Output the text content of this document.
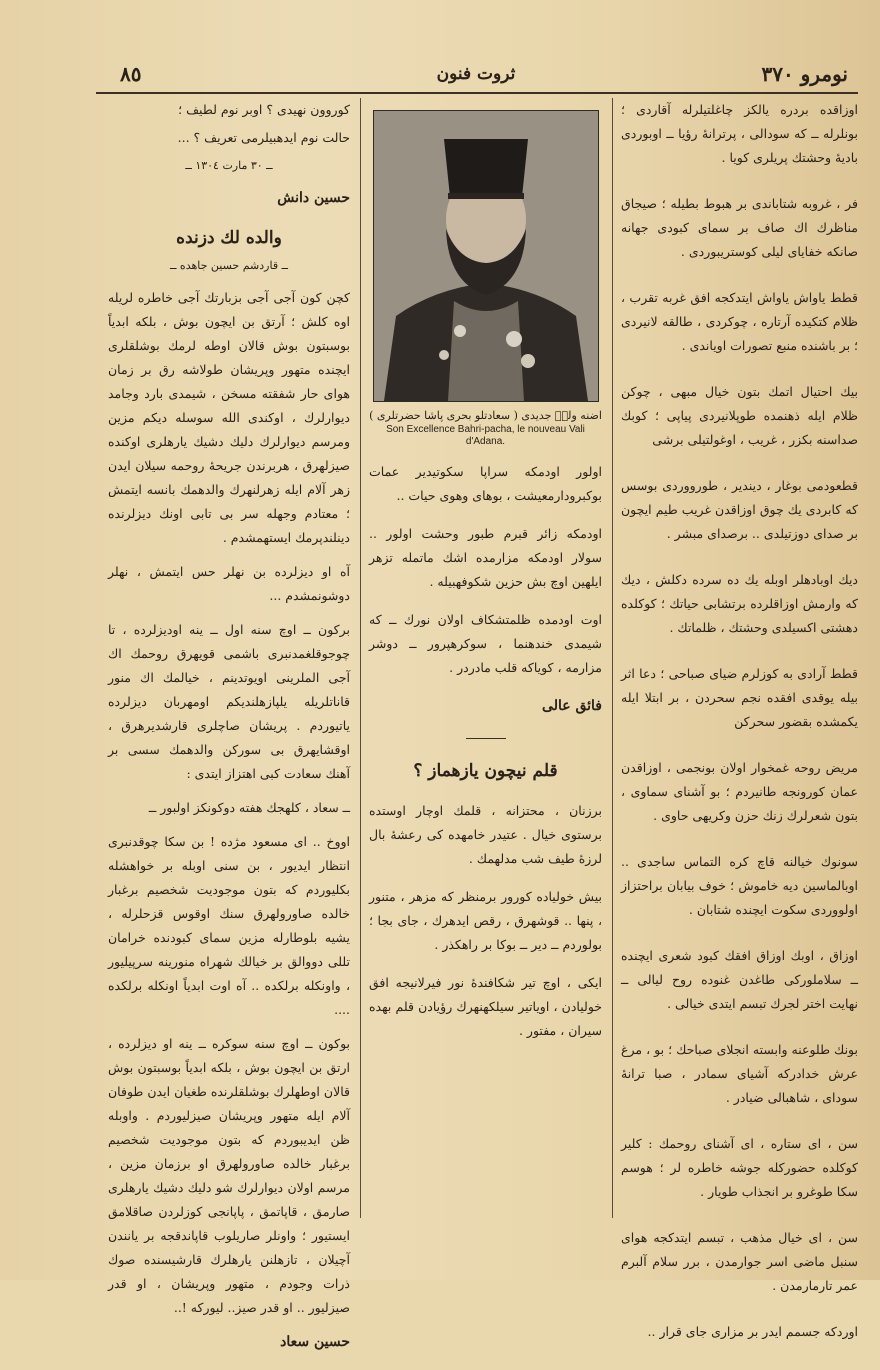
٨٥	ثروت فنون	نومرو ٣٧٠

اوزاقده بردره يالكز چاغلتيلرله آقاردی ؛ بونلرله ــ كه سودالی ، پرترانهٔ رؤيا ــ اوبوردی باديهٔ وحشتك پريلری كويا .

فر ، غروبه شتاباندی بر هبوط بطيله ؛ صيجاق مناظرك اك صاف بر سمای كبودی جهانه صانكه خفايای ليلی كوستريبوردی .

قطط ياواش ياواش ايتدكجه افق غربه تقرب ، ظلام كتكيده آرتاره ، چوكردی ، طالقه لانيردی ؛ بر باشنده منبع تصورات اوياندی .

بيك احتيال اتمك بتون خيال مبهی ، چوكن ظلام ايله ذهنمده طوپلانيردی پياپی ؛ كوبك صداسنه بكزر ، غريب ، اوغولتيلی برشی

قطعودمی بوغار ، ديندير ، طورووردی بوسس كه كابردی يك چوق اوزاقدن غريب طيم ايچون بر صدای دوزتيلدی .. برصدای مبشر .

ديك اوبادهلر اوبله يك ده سرده دكلش ، ديك كه وارمش اوزاقلرده برتشابی حياتك ؛ كوكلده دهشتی اكسيلدی وحشتك ، ظلماتك .

قطط آرادی به كوزلرم ضيای صباحی ؛ دعا اثر بيله يوقدی افقده نجم سحردن ، بر ابتلا ايله يكمشده بقضور سحركن

مريض روحه غمخوار اولان بونجمی ، اوزاقدن عمان كورونجه طانيردم ؛ بو آشنای سماوی ، بتون شعرلرك زنك حزن وكريهی حاوی .

سونوك خيالنه قاچ كره التماس ساجدی .. اوبالماسين ديه خاموش ؛ خوف بيابان براحتزاز اولووردی سكوت ايچنده شتابان .

اوزاق ، اوبك اوزاق افقك كبود شعری ايچنده ــ سلاملوركی طاغدن غنوده روح ليالی ــ نهايت اختر لجرك تبسم ايتدی خيالی .

بونك طلوعنه وابسته انجلای صباحك ؛ بو ، مرغ عرش خدادركه آشيای سمادر ، صبا ترانهٔ سودای ، شاهبالی ضيادر .

سن ، ای ستاره ، ای آشنای روحمك : كلير كوكلده حضوركله جوشه خاطره لر ؛ هوسم سكا طوغرو بر انجذاب طويار .

سن ، ای خيال مذهب ، تبسم ايتدكجه هوای سنبل ماضی اسر جوارمدن ، برر سلام آلبرم عمر تارمارمدن .

اوردكه جسمم ايدر بر مزاری جای قرار ..

اضنه ولی٘ جديدی ( سعادتلو بحری پاشا حضرتلری )
Son Excellence Bahri-pacha, le nouveau Vali d'Adana.

اولور اودمكه سراپا سكوتيدير عمات بوكبرودارمعيشت ، بوهای وهوی حيات ..

اودمكه زائر قبرم طبور وحشت اولور .. سولار اودمكه مزارمده اشك ماتمله تزهر ايلهين اوچ بش حزين شكوفهبيله .

اوت اودمده ظلمتشكاف اولان نورك ــ كه شيمدی خندهنما ، سوكرهپرور ــ دوشر مزارمه ، كوياكه قلب مادردر .

فائق عالی
قلم نيچون يازهماز ؟

برزنان ، محتزانه ، قلمك اوچار اوستده برستوی خيال . عتيدر خامهده كی رعشهٔ بال لرزهٔ طيف شب مدلهمك .

بيش خولياده كورور برمنظر كه مزهر ، متنور ، پنها .. قوشهرق ، رقص ايدهرك ، جای بجا ؛ بولوردم ــ دير ــ بوكا بر راهكذر .

ايكی ، اوچ تير شكافندهٔ نور فيرلانيجه افق خوليادن ، اوياتير سيلكهنهرك رؤيادن قلم بهده سيران ، مفتور .

كوروون نهيدی ؟ اوبر نوم لطيف ؛

حالت نوم ايدهبيلرمی تعريف ؟ ...

ــ ٣٠ مارت ١٣٠٤ ــ
حسين دانش
والده لك دزنده
ــ قاردشم حسين جاهده ــ

كچن كون آجی آجی بزبارتك آجی خاطره لريله اوه كلش ؛ آرتق بن ايچون بوش ، بلكه ابدياً بوسبتون بوش قالان اوطه لرمك بوشلقلری ايچنده متهور وپريشان طولاشه رق بر زمان هوای حار شفقته مسخن ، شيمدی بارد وجامد ديوارلرك ، اوكندی الله سوسله ديكم مزين ومرسم ديوارلرك دليك دشيك يارهلری اوكنده صيزلهرق ، هربرندن جريحهٔ روحمه سيلان ايدن زهر آلام ايله زهرلنهرك والدهمك بانسه ايتمش ؛ معتادم وجهله سر بی تابی اونك ديزلرنده دينلندپرمك ايستهمشدم .

آه او ديزلرده بن نهلر حس ايتمش ، نهلر دوشونمشدم ...

بركون ــ اوچ سنه اول ــ ينه اوديزلرده ، تا چوجوقلغمدنبری باشمی قويهرق روحمك اك آجی الملرينی اويوتدينم ، خيالمك اك منور قاناتلريله يلپازهلنديكم اومهربان ديزلرده ياتيوردم . پريشان صاچلری قارشديرهرق ، اوقشايهرق بی سوركن والدهمك سسی بر آهنك سعادت كبی اهتزاز ايتدی :

ــ سعاد ، كلهجك هفته دوكونكز اولبور ــ

اووخ .. ای مسعود مژده ! بن سكا چوقدنبری انتظار ايديور ، بن سنی اوبله بر خواهشله بكليوردم كه بتون موجوديت شخصيم برغبار خالده صاورولهرق سنك اوقوس قزحلرله ، يشيه بلوطارله مزين سمای كبودنده خرامان تللی دووالق بر خيالك شهراه منورينه سرپيليور ، واونكله برلكده .. آه اوت ابدياً اونكله برلكده ....

بوكون ــ اوچ سنه سوكره ــ ينه او ديزلرده ، ارتق بن ايچون بوش ، بلكه ابدياً بوسبتون بوش قالان اوطهلرك بوشلقلرنده طغيان ايدن طوفان آلام ايله متهور وپريشان صيزليوردم . واوبله ظن ايديبوردم كه بتون موجوديت شخصيم برغبار خالده صاورولهرق او برزمان مزين ، مرسم اولان ديوارلرك شو دليك دشيك يارهلری صارمق ، قاپاتمق ، پاپانجی كوزلردن صاقلامق ايستيور ؛ واونلر صاريلوب قاپاندقجه بر يانندن آچيلان ، تازهلنن يارهلرك قارشيسنده صوك ذرات وجودم ، متهور وپريشان ، او قدر صيزليور .. او قدر صيز.. ليوركه !..

حسين سعاد
